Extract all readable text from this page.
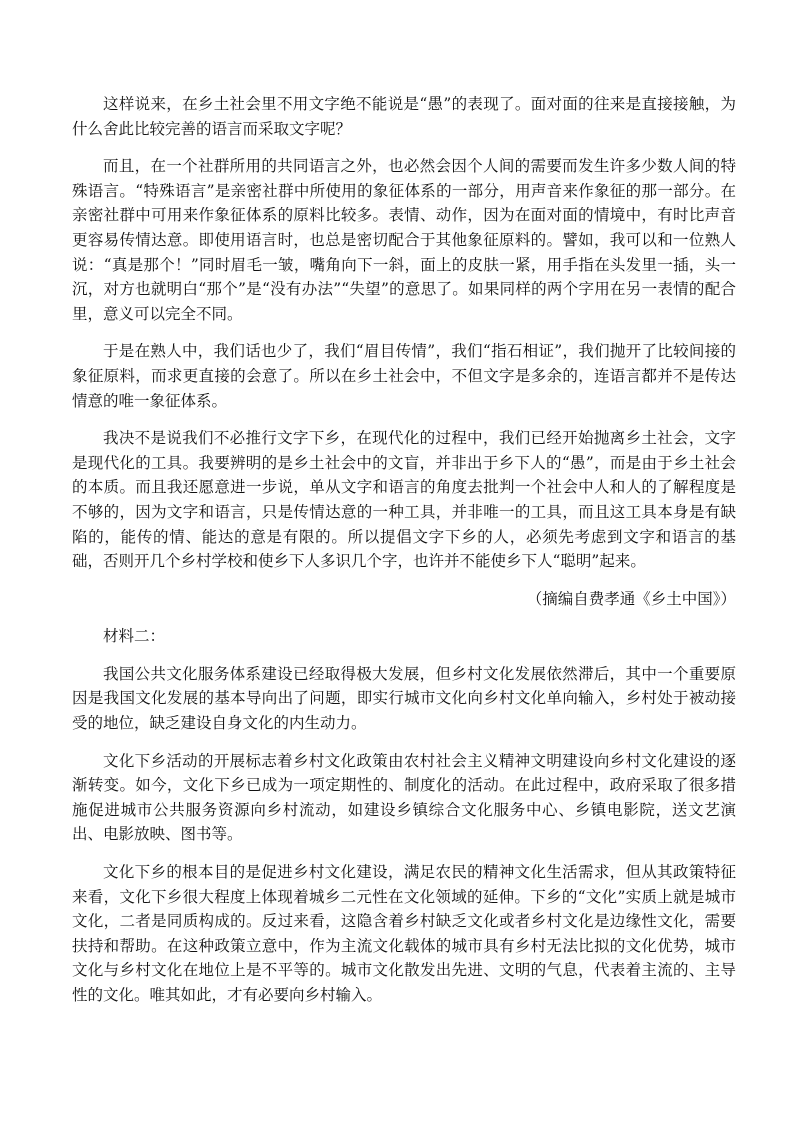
这样说来，在乡土社会里不用文字绝不能说是“愚”的表现了。面对面的往来是直接接触，为什么舍此比较完善的语言而采取文字呢？

而且，在一个社群所用的共同语言之外，也必然会因个人间的需要而发生许多少数人间的特殊语言。“特殊语言”是亲密社群中所使用的象征体系的一部分，用声音来作象征的那一部分。在亲密社群中可用来作象征体系的原料比较多。表情、动作，因为在面对面的情境中，有时比声音更容易传情达意。即使用语言时，也总是密切配合于其他象征原料的。譬如，我可以和一位熟人说：“真是那个！”同时眉毛一皱，嘴角向下一斜，面上的皮肤一紧，用手指在头发里一插，头一沉，对方也就明白“那个”是“没有办法”“失望”的意思了。如果同样的两个字用在另一表情的配合里，意义可以完全不同。

于是在熟人中，我们话也少了，我们“眉目传情”，我们“指石相证”，我们抛开了比较间接的象征原料，而求更直接的会意了。所以在乡土社会中，不但文字是多余的，连语言都并不是传达情意的唯一象征体系。

我决不是说我们不必推行文字下乡，在现代化的过程中，我们已经开始抛离乡土社会，文字是现代化的工具。我要辨明的是乡土社会中的文盲，并非出于乡下人的“愚”，而是由于乡土社会的本质。而且我还愿意进一步说，单从文字和语言的角度去批判一个社会中人和人的了解程度是不够的，因为文字和语言，只是传情达意的一种工具，并非唯一的工具，而且这工具本身是有缺陷的，能传的情、能达的意是有限的。所以提倡文字下乡的人，必须先考虑到文字和语言的基础，否则开几个乡村学校和使乡下人多识几个字，也许并不能使乡下人“聪明”起来。

（摘编自费孝通《乡土中国》）

材料二：

我国公共文化服务体系建设已经取得极大发展，但乡村文化发展依然滞后，其中一个重要原因是我国文化发展的基本导向出了问题，即实行城市文化向乡村文化单向输入，乡村处于被动接受的地位，缺乏建设自身文化的内生动力。

文化下乡活动的开展标志着乡村文化政策由农村社会主义精神文明建设向乡村文化建设的逐渐转变。如今，文化下乡已成为一项定期性的、制度化的活动。在此过程中，政府采取了很多措施促进城市公共服务资源向乡村流动，如建设乡镇综合文化服务中心、乡镇电影院，送文艺演出、电影放映、图书等。

文化下乡的根本目的是促进乡村文化建设，满足农民的精神文化生活需求，但从其政策特征来看，文化下乡很大程度上体现着城乡二元性在文化领域的延伸。下乡的“文化”实质上就是城市文化，二者是同质构成的。反过来看，这隐含着乡村缺乏文化或者乡村文化是边缘性文化，需要扶持和帮助。在这种政策立意中，作为主流文化载体的城市具有乡村无法比拟的文化优势，城市文化与乡村文化在地位上是不平等的。城市文化散发出先进、文明的气息，代表着主流的、主导性的文化。唯其如此，才有必要向乡村输入。
